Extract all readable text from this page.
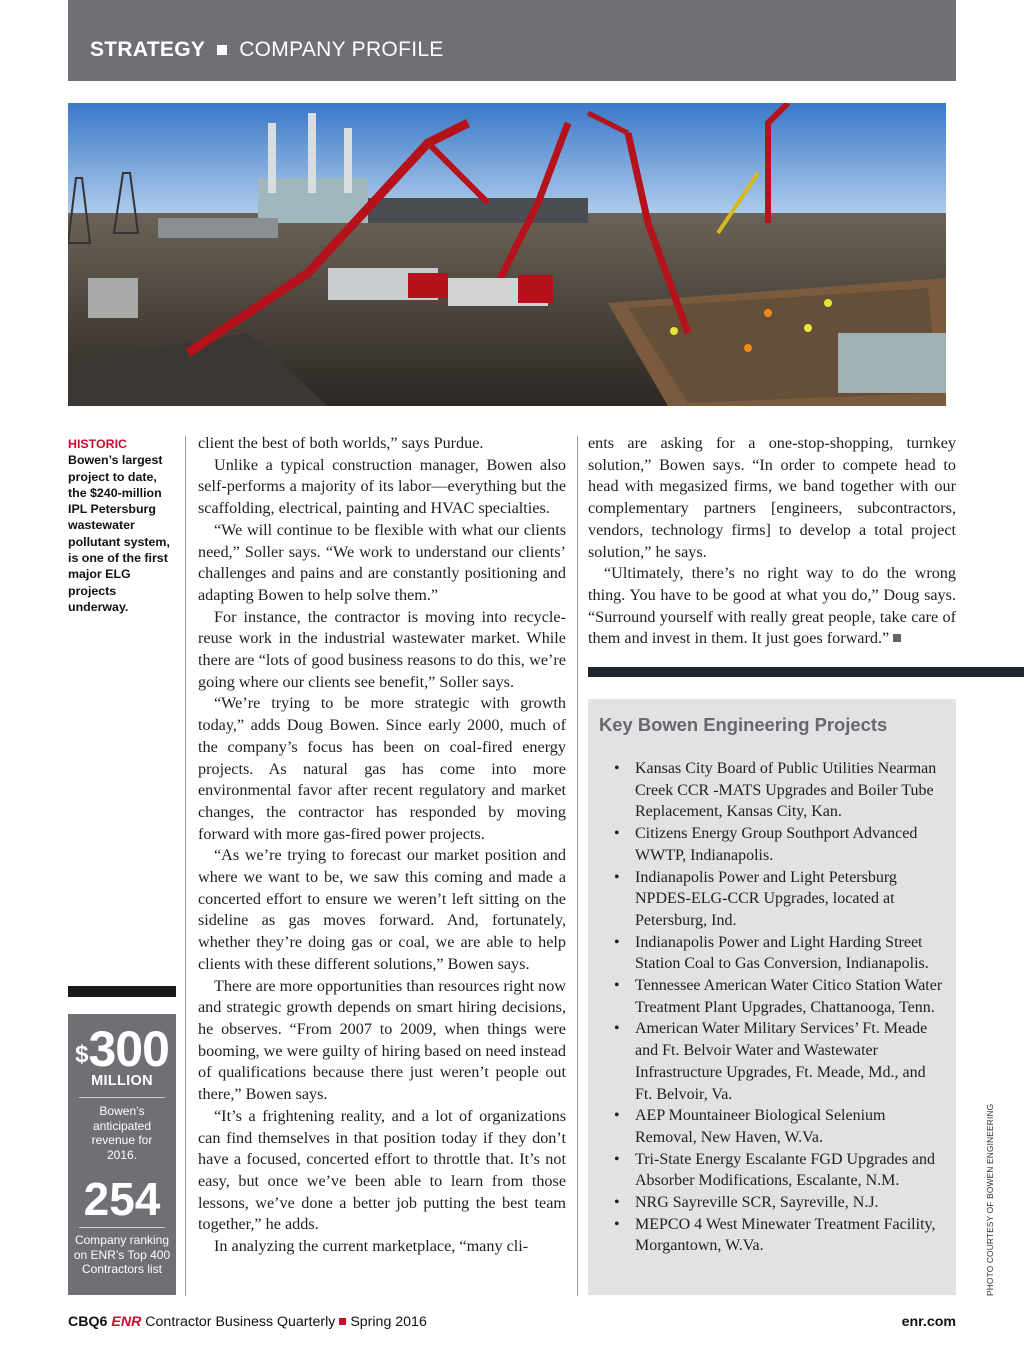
STRATEGY COMPANY PROFILE
HISTORIC
Bowen’s largest project to date, the $240-million IPL Petersburg wastewater pollutant system, is one of the first major ELG projects underway.
$300
MILLION
Bowen’s anticipated revenue for 2016.
254
Company ranking on ENR’s Top 400 Contractors list

client the best of both worlds,” says Purdue.

Unlike a typical construction manager, Bowen also self-performs a majority of its labor—everything but the scaffolding, electrical, painting and HVAC specialties.

“We will continue to be flexible with what our clients need,” Soller says. “We work to understand our clients’ challenges and pains and are constantly positioning and adapting Bowen to help solve them.”

For instance, the contractor is moving into recycle-reuse work in the industrial wastewater market. While there are “lots of good business reasons to do this, we’re going where our clients see benefit,” Soller says.

“We’re trying to be more strategic with growth today,” adds Doug Bowen. Since early 2000, much of the company’s focus has been on coal-fired energy projects. As natural gas has come into more environmental favor after recent regulatory and market changes, the contractor has responded by moving forward with more gas-fired power projects.

“As we’re trying to forecast our market position and where we want to be, we saw this coming and made a concerted effort to ensure we weren’t left sitting on the sideline as gas moves forward. And, fortunately, whether they’re doing gas or coal, we are able to help clients with these different solutions,” Bowen says.

There are more opportunities than resources right now and strategic growth depends on smart hiring decisions, he observes. “From 2007 to 2009, when things were booming, we were guilty of hiring based on need instead of qualifications because there just weren’t people out there,” Bowen says.

“It’s a frightening reality, and a lot of organizations can find themselves in that position today if they don’t have a focused, concerted effort to throttle that. It’s not easy, but once we’ve been able to learn from those lessons, we’ve done a better job putting the best team together,” he adds.

In analyzing the current marketplace, “many cli-

ents are asking for a one-stop-shopping, turnkey solution,” Bowen says. “In order to compete head to head with megasized firms, we band together with our complementary partners [engineers, subcontractors, vendors, technology firms] to develop a total project solution,” he says.

“Ultimately, there’s no right way to do the wrong thing. You have to be good at what you do,” Doug says. “Surround yourself with really great people, take care of them and invest in them. It just goes forward.”

Key Bowen Engineering Projects
• Kansas City Board of Public Utilities Nearman Creek CCR -MATS Upgrades and Boiler Tube Replacement, Kansas City, Kan.
• Citizens Energy Group Southport Advanced WWTP, Indianapolis.
• Indianapolis Power and Light Petersburg NPDES-ELG-CCR Upgrades, located at Petersburg, Ind.
• Indianapolis Power and Light Harding Street Station Coal to Gas Conversion, Indianapolis.
• Tennessee American Water Citico Station Water Treatment Plant Upgrades, Chattanooga, Tenn.
• American Water Military Services’ Ft. Meade and Ft. Belvoir Water and Wastewater Infrastructure Upgrades, Ft. Meade, Md., and Ft. Belvoir, Va.
• AEP Mountaineer Biological Selenium Removal, New Haven, W.Va.
• Tri-State Energy Escalante FGD Upgrades and Absorber Modifications, Escalante, N.M.
• NRG Sayreville SCR, Sayreville, N.J.
• MEPCO 4 West Minewater Treatment Facility, Morgantown, W.Va.	PHOTO COURTESY OF BOWEN ENGINEERING
CBQ6 ENR Contractor Business Quarterly Spring 2016	enr.com
